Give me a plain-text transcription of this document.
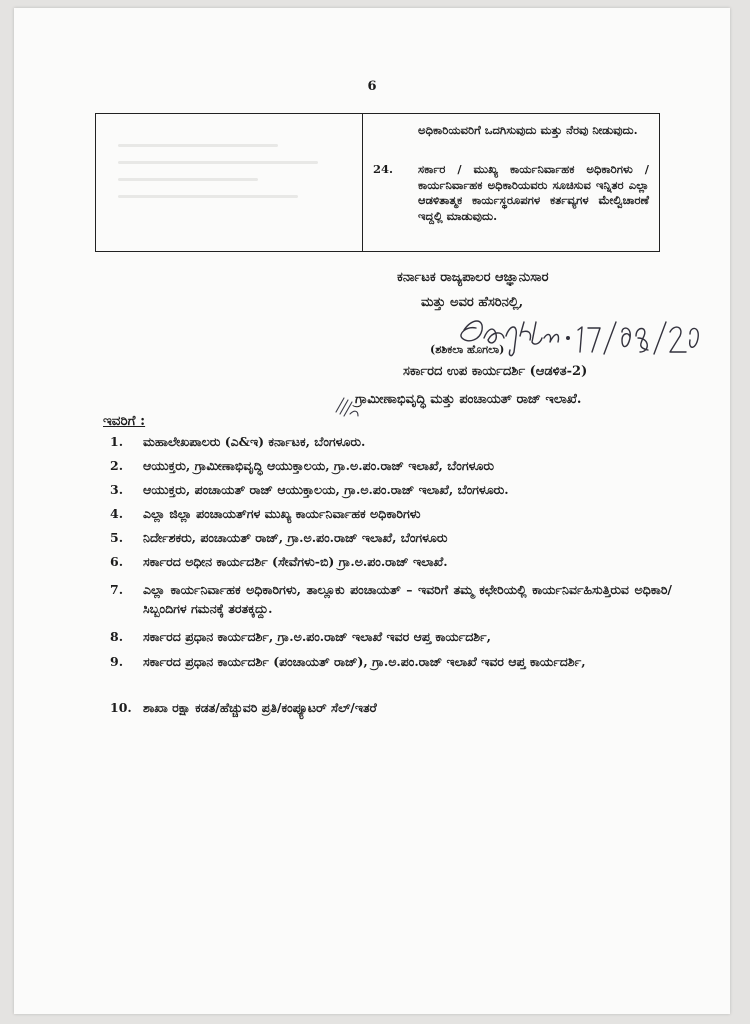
6
ಅಧಿಕಾರಿಯವರಿಗೆ ಒದಗಿಸುವುದು ಮತ್ತು ನೆರವು ನೀಡುವುದು.
24. ಸರ್ಕಾರ / ಮುಖ್ಯ ಕಾರ್ಯನಿರ್ವಾಹಕ ಅಧಿಕಾರಿಗಳು / ಕಾರ್ಯನಿರ್ವಾಹಕ ಅಧಿಕಾರಿಯವರು ಸೂಚಿಸುವ ಇನ್ನಿತರ ಎಲ್ಲಾ ಆಡಳಿತಾತ್ಮಕ ಕಾರ್ಯಸ್ಥರೂಪಗಳ ಕರ್ತವ್ಯಗಳ ಮೇಲ್ವಿಚಾರಣೆ ಇದ್ದಲ್ಲಿ ಮಾಡುವುದು.
ಕರ್ನಾಟಕ ರಾಜ್ಯಪಾಲರ ಆಜ್ಞಾನುಸಾರ
ಮತ್ತು ಅವರ ಹೆಸರಿನಲ್ಲಿ,
(ಶಶಿಕಲಾ ಹೊಗಲಾ)
ಸರ್ಕಾರದ ಉಪ ಕಾರ್ಯದರ್ಶಿ (ಆಡಳಿತ-2)
ಗ್ರಾಮೀಣಾಭಿವೃದ್ಧಿ ಮತ್ತು ಪಂಚಾಯತ್ ರಾಜ್ ಇಲಾಖೆ.
ಇವರಿಗೆ :
1.	ಮಹಾಲೇಖಪಾಲರು (ಎ&ಇ) ಕರ್ನಾಟಕ, ಬೆಂಗಳೂರು.
2.	ಆಯುಕ್ತರು, ಗ್ರಾಮೀಣಾಭಿವೃದ್ಧಿ ಆಯುಕ್ತಾಲಯ, ಗ್ರಾ.ಅ.ಪಂ.ರಾಜ್ ಇಲಾಖೆ, ಬೆಂಗಳೂರು
3.	ಆಯುಕ್ತರು, ಪಂಚಾಯತ್ ರಾಜ್ ಆಯುಕ್ತಾಲಯ, ಗ್ರಾ.ಅ.ಪಂ.ರಾಜ್ ಇಲಾಖೆ, ಬೆಂಗಳೂರು.
4.	ಎಲ್ಲಾ ಜಿಲ್ಲಾ ಪಂಚಾಯತ್‌ಗಳ ಮುಖ್ಯ ಕಾರ್ಯನಿರ್ವಾಹಕ ಅಧಿಕಾರಿಗಳು
5.	ನಿರ್ದೇಶಕರು, ಪಂಚಾಯತ್ ರಾಜ್, ಗ್ರಾ.ಅ.ಪಂ.ರಾಜ್ ಇಲಾಖೆ, ಬೆಂಗಳೂರು
6.	ಸರ್ಕಾರದ ಅಧೀನ ಕಾರ್ಯದರ್ಶಿ (ಸೇವೆಗಳು-ಬಿ) ಗ್ರಾ.ಅ.ಪಂ.ರಾಜ್ ಇಲಾಖೆ.
7.	ಎಲ್ಲಾ ಕಾರ್ಯನಿರ್ವಾಹಕ ಅಧಿಕಾರಿಗಳು, ತಾಲ್ಲೂಕು ಪಂಚಾಯತ್ – ಇವರಿಗೆ ತಮ್ಮ ಕಛೇರಿಯಲ್ಲಿ ಕಾರ್ಯನಿರ್ವಹಿಸುತ್ತಿರುವ ಅಧಿಕಾರಿ/ಸಿಬ್ಬಂದಿಗಳ ಗಮನಕ್ಕೆ ತರತಕ್ಕದ್ದು.
8.	ಸರ್ಕಾರದ ಪ್ರಧಾನ ಕಾರ್ಯದರ್ಶಿ, ಗ್ರಾ.ಅ.ಪಂ.ರಾಜ್ ಇಲಾಖೆ ಇವರ ಆಪ್ತ ಕಾರ್ಯದರ್ಶಿ,
9.	ಸರ್ಕಾರದ ಪ್ರಧಾನ ಕಾರ್ಯದರ್ಶಿ (ಪಂಚಾಯತ್ ರಾಜ್), ಗ್ರಾ.ಅ.ಪಂ.ರಾಜ್ ಇಲಾಖೆ ಇವರ ಆಪ್ತ ಕಾರ್ಯದರ್ಶಿ,
10. ಶಾಖಾ ರಕ್ಷಾ ಕಡತ/ಹೆಚ್ಚುವರಿ ಪ್ರತಿ/ಕಂಪ್ಯೂಟರ್ ಸೆಲ್/ಇತರೆ
